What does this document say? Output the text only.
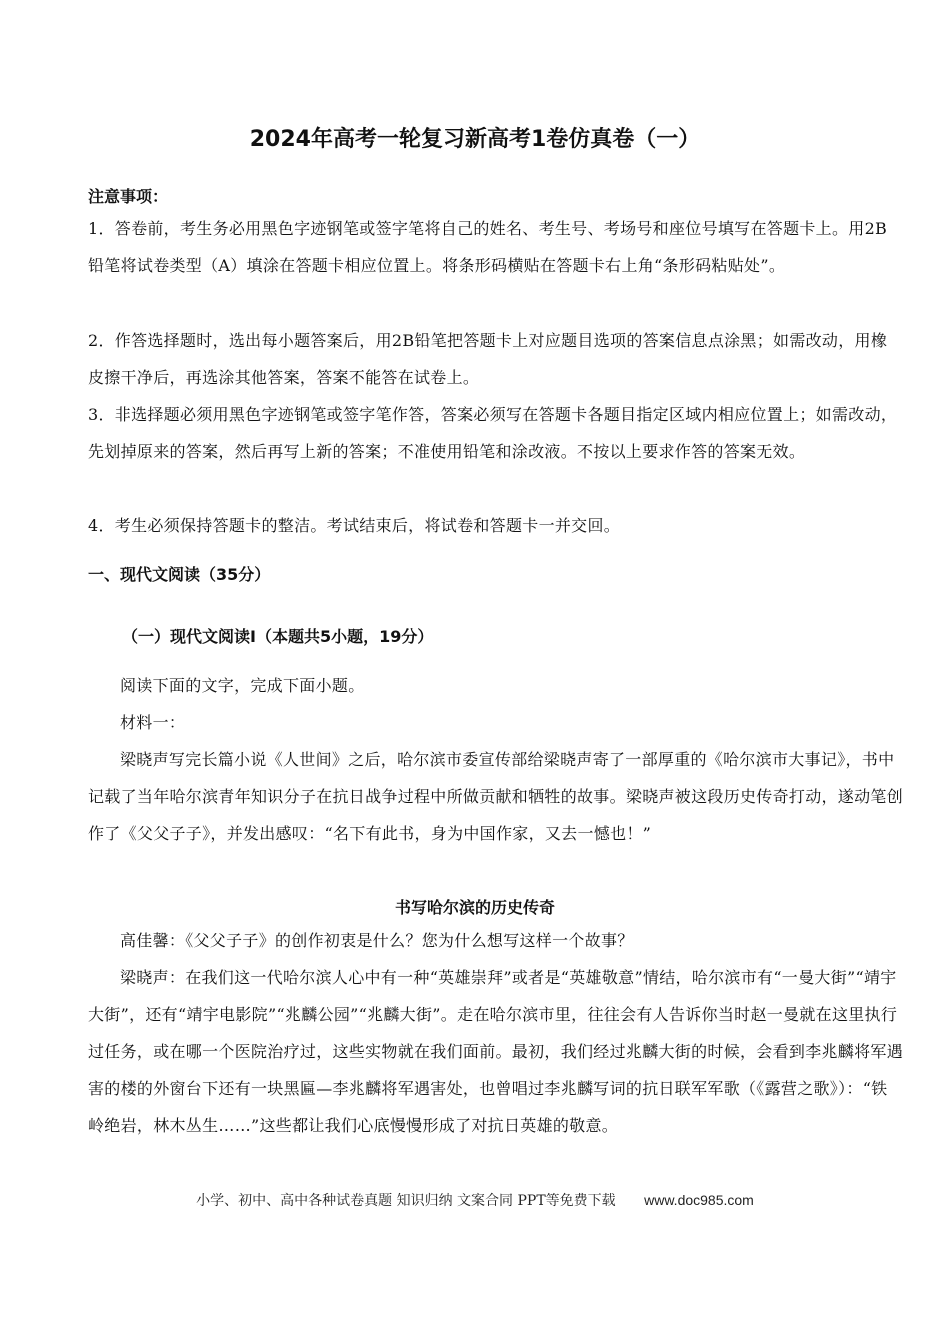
2024年高考一轮复习新高考1卷仿真卷（一）
注意事项：
1．答卷前，考生务必用黑色字迹钢笔或签字笔将自己的姓名、考生号、考场号和座位号填写在答题卡上。用2B铅笔将试卷类型（A）填涂在答题卡相应位置上。将条形码横贴在答题卡右上角“条形码粘贴处”。
2．作答选择题时，选出每小题答案后，用2B铅笔把答题卡上对应题目选项的答案信息点涂黑；如需改动，用橡皮擦干净后，再选涂其他答案，答案不能答在试卷上。
3．非选择题必须用黑色字迹钢笔或签字笔作答，答案必须写在答题卡各题目指定区域内相应位置上；如需改动，先划掉原来的答案，然后再写上新的答案；不准使用铅笔和涂改液。不按以上要求作答的答案无效。
4．考生必须保持答题卡的整洁。考试结束后，将试卷和答题卡一并交回。
一、现代文阅读（35分）
（一）现代文阅读Ⅰ（本题共5小题，19分）
阅读下面的文字，完成下面小题。
材料一：
梁晓声写完长篇小说《人世间》之后，哈尔滨市委宣传部给梁晓声寄了一部厚重的《哈尔滨市大事记》，书中记载了当年哈尔滨青年知识分子在抗日战争过程中所做贡献和牺牲的故事。梁晓声被这段历史传奇打动，遂动笔创作了《父父子子》，并发出感叹：“名下有此书，身为中国作家，又去一憾也！”
书写哈尔滨的历史传奇
高佳馨：《父父子子》的创作初衷是什么？您为什么想写这样一个故事？
梁晓声：在我们这一代哈尔滨人心中有一种“英雄崇拜”或者是“英雄敬意”情结，哈尔滨市有“一曼大街”“靖宇大街”，还有“靖宇电影院”“兆麟公园”“兆麟大街”。走在哈尔滨市里，往往会有人告诉你当时赵一曼就在这里执行过任务，或在哪一个医院治疗过，这些实物就在我们面前。最初，我们经过兆麟大街的时候，会看到李兆麟将军遇害的楼的外窗台下还有一块黑匾—李兆麟将军遇害处，也曾唱过李兆麟写词的抗日联军军歌（《露营之歌》）：“铁岭绝岩，林木丛生……”这些都让我们心底慢慢形成了对抗日英雄的敬意。
小学、初中、高中各种试卷真题 知识归纳 文案合同 PPT等免费下载 www.doc985.com
